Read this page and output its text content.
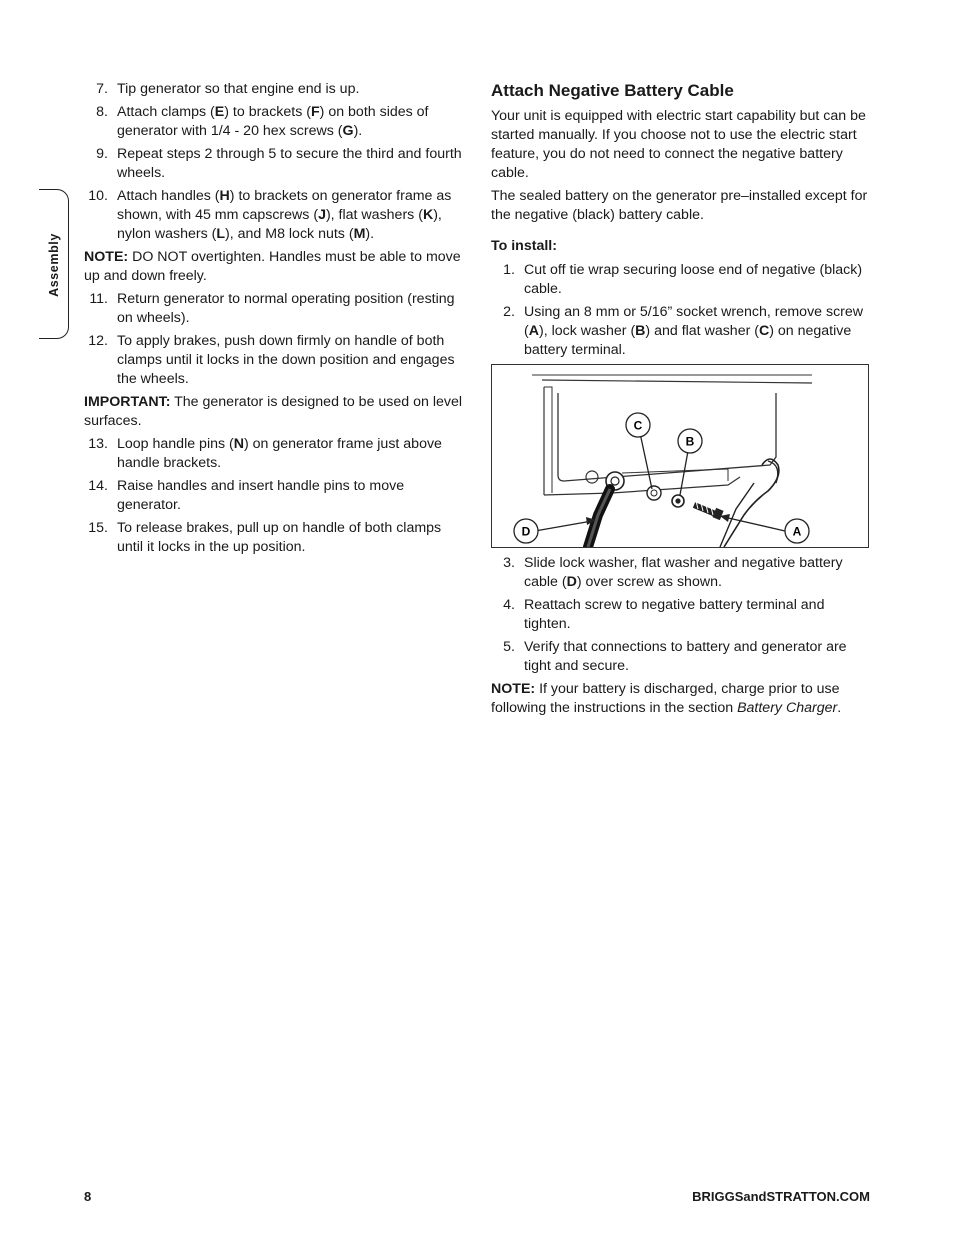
Assembly
7. Tip generator so that engine end is up.
8. Attach clamps (E) to brackets (F) on both sides of generator with 1/4 - 20 hex screws (G).
9. Repeat steps 2 through 5 to secure the third and fourth wheels.
10. Attach handles (H) to brackets on generator frame as shown, with 45 mm capscrews (J), flat washers (K), nylon washers (L), and M8 lock nuts (M).
NOTE: DO NOT overtighten. Handles must be able to move up and down freely.
11. Return generator to normal operating position (resting on wheels).
12. To apply brakes, push down firmly on handle of both clamps until it locks in the down position and engages the wheels.
IMPORTANT: The generator is designed to be used on level surfaces.
13. Loop handle pins (N) on generator frame just above handle brackets.
14. Raise handles and insert handle pins to move generator.
15. To release brakes, pull up on handle of both clamps until it locks in the up position.
Attach Negative Battery Cable
Your unit is equipped with electric start capability but can be started manually. If you choose not to use the electric start feature, you do not need to connect the negative battery cable.
The sealed battery on the generator pre–installed except for the negative (black) battery cable.
To install:
1. Cut off tie wrap securing loose end of negative (black) cable.
2. Using an 8 mm or 5/16” socket wrench, remove screw (A), lock washer (B) and flat washer (C) on negative battery terminal.
C
B
D	A
3. Slide lock washer, flat washer and negative battery cable (D) over screw as shown.
4. Reattach screw to negative battery terminal and tighten.
5. Verify that connections to battery and generator are tight and secure.
NOTE: If your battery is discharged, charge prior to use following the instructions in the section Battery Charger.
8	BRIGGSandSTRATTON.COM
